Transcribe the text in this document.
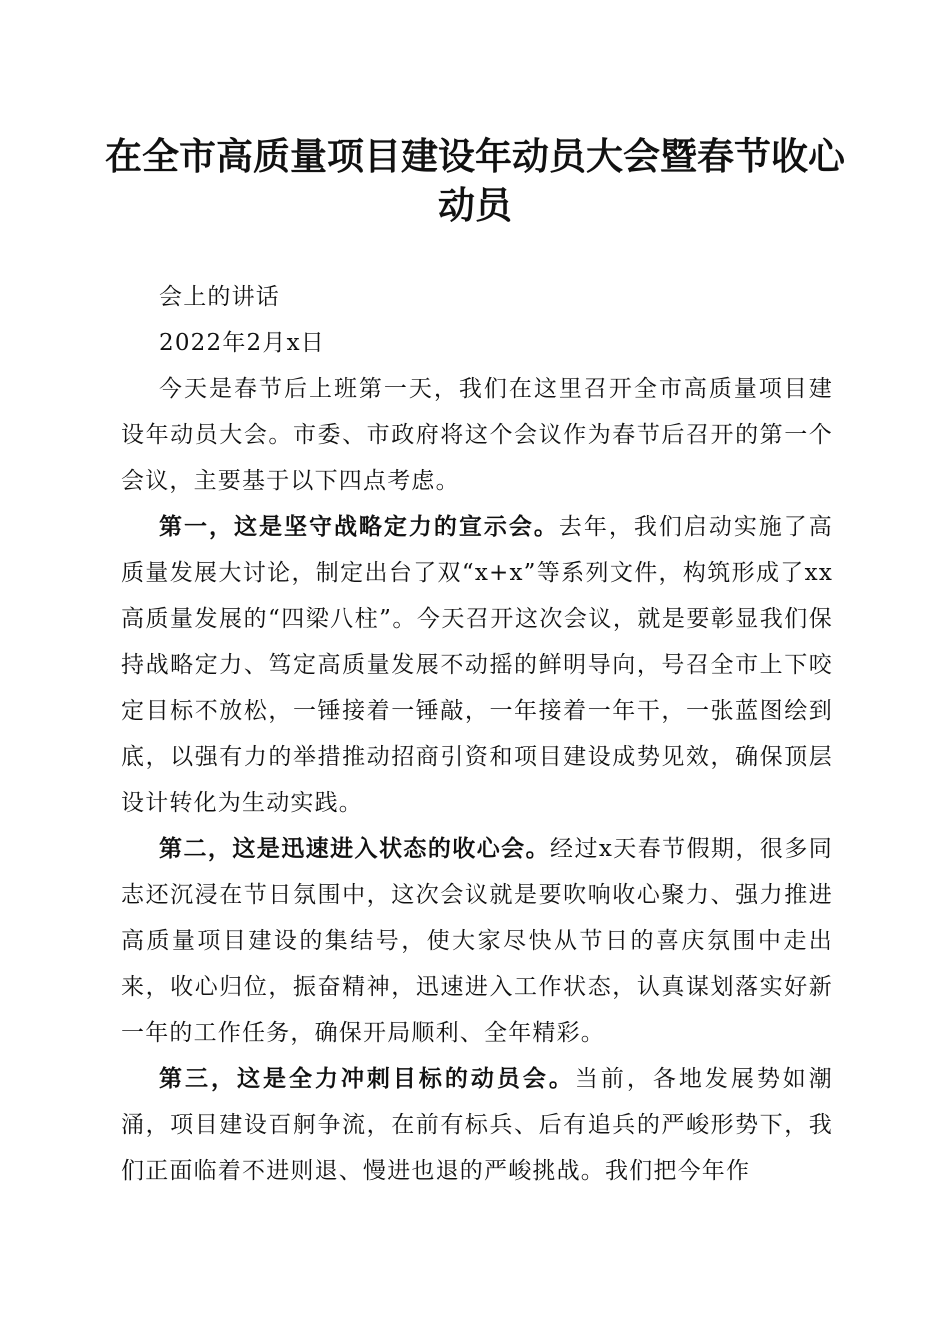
在全市高质量项目建设年动员大会暨春节收心
动员

会上的讲话

2022年2月x日

今天是春节后上班第一天，我们在这里召开全市高质量项目建设年动员大会。市委、市政府将这个会议作为春节后召开的第一个会议，主要基于以下四点考虑。

第一，这是坚守战略定力的宣示会。去年，我们启动实施了高质量发展大讨论，制定出台了双“x+x”等系列文件，构筑形成了xx高质量发展的“四梁八柱”。今天召开这次会议，就是要彰显我们保持战略定力、笃定高质量发展不动摇的鲜明导向，号召全市上下咬定目标不放松，一锤接着一锤敲，一年接着一年干，一张蓝图绘到底，以强有力的举措推动招商引资和项目建设成势见效，确保顶层设计转化为生动实践。

第二，这是迅速进入状态的收心会。经过x天春节假期，很多同志还沉浸在节日氛围中，这次会议就是要吹响收心聚力、强力推进高质量项目建设的集结号，使大家尽快从节日的喜庆氛围中走出来，收心归位，振奋精神，迅速进入工作状态，认真谋划落实好新一年的工作任务，确保开局顺利、全年精彩。

第三，这是全力冲刺目标的动员会。当前，各地发展势如潮涌，项目建设百舸争流，在前有标兵、后有追兵的严峻形势下，我们正面临着不进则退、慢进也退的严峻挑战。我们把今年作
